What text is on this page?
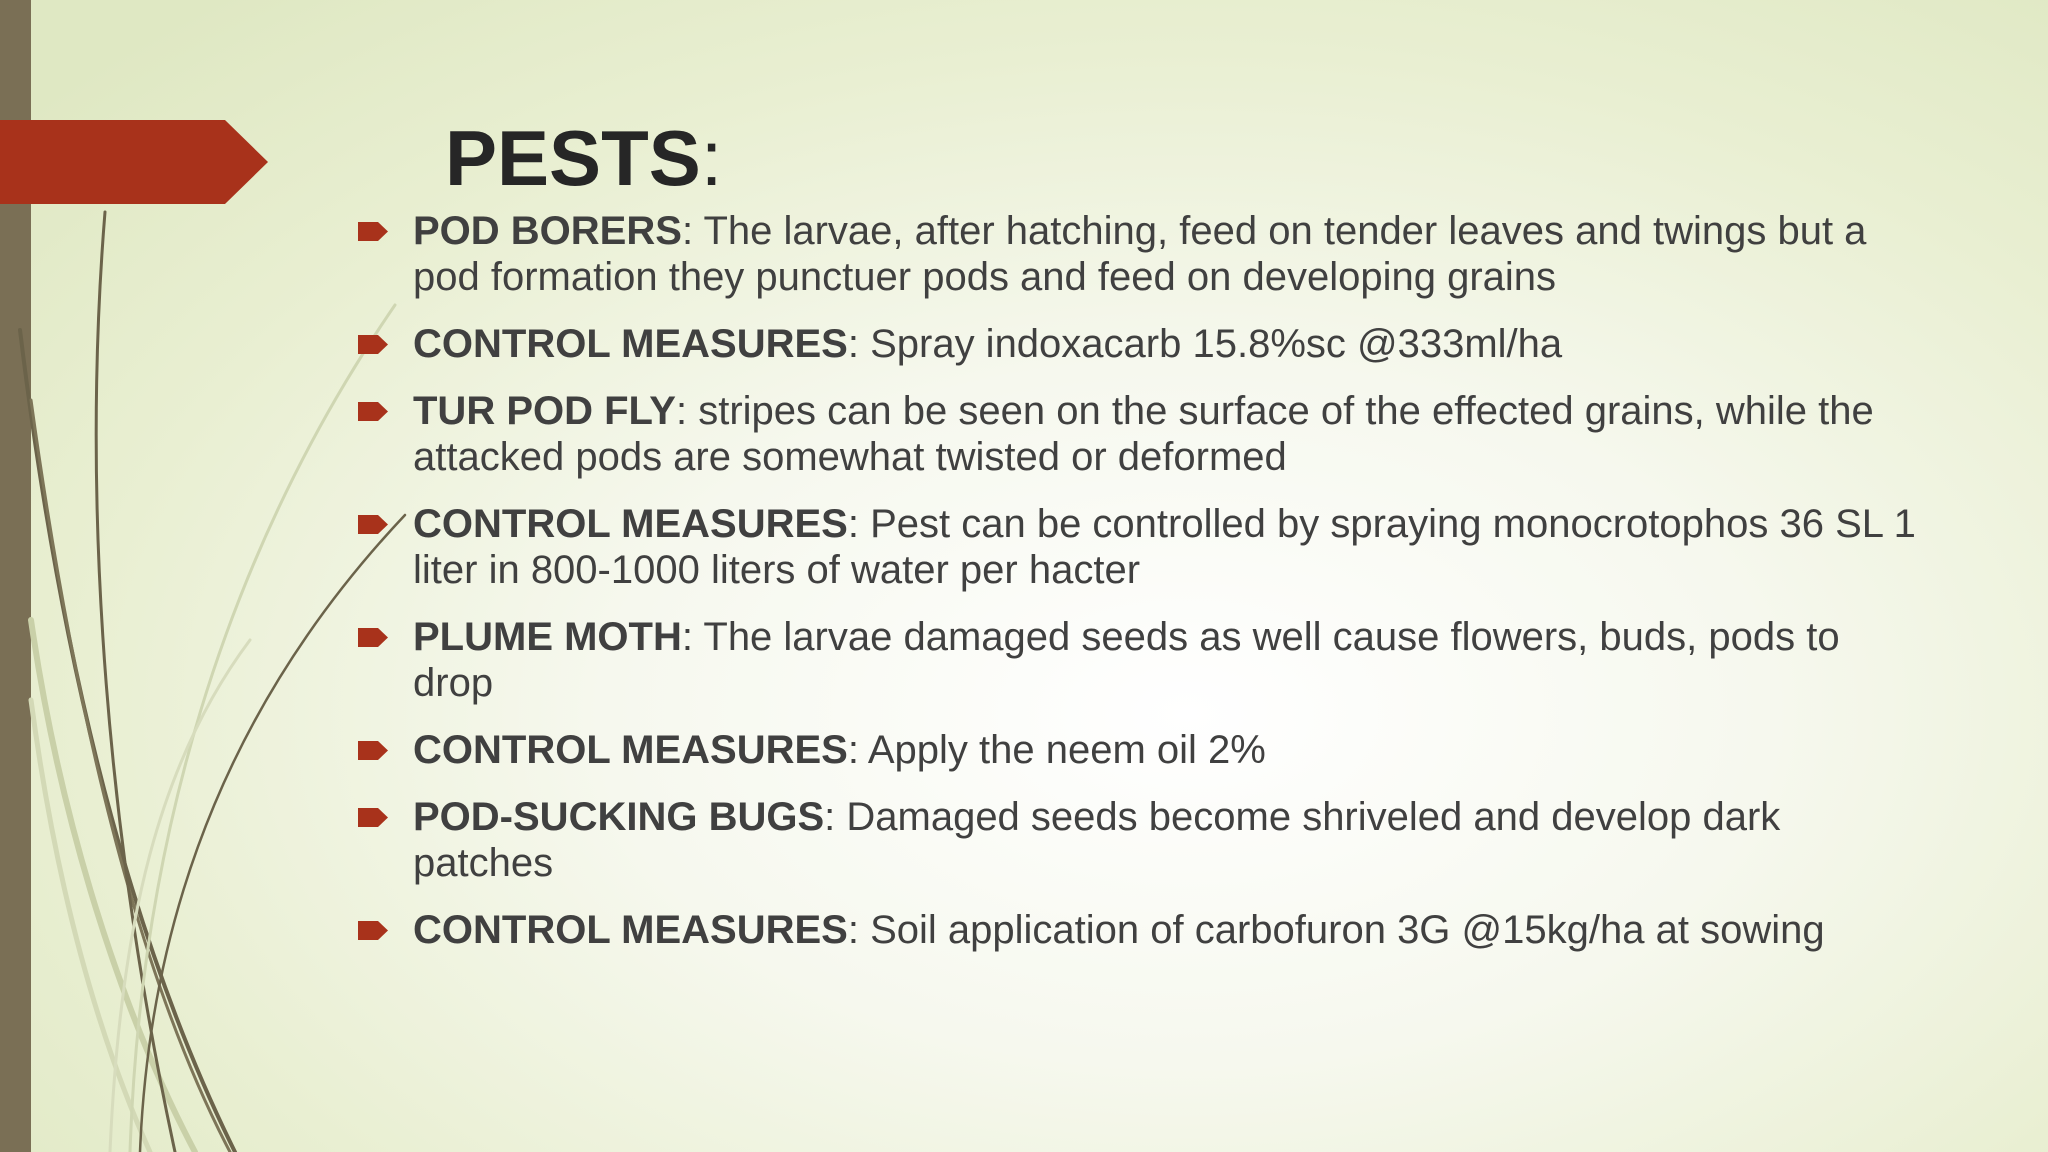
PESTS:
POD BORERS: The larvae, after hatching, feed on tender leaves and twings but a pod formation they punctuer pods and feed on developing grains
CONTROL MEASURES: Spray indoxacarb 15.8%sc @333ml/ha
TUR POD FLY: stripes can be seen on the surface of the effected grains, while the attacked pods are somewhat twisted or deformed
CONTROL MEASURES: Pest can be controlled by spraying monocrotophos 36 SL 1 liter in 800-1000 liters of water per hacter
PLUME MOTH: The larvae damaged seeds as well cause flowers, buds, pods to drop
CONTROL MEASURES: Apply the neem oil 2%
POD-SUCKING BUGS: Damaged seeds become shriveled and develop dark patches
CONTROL MEASURES: Soil application of carbofuron 3G @15kg/ha at sowing
